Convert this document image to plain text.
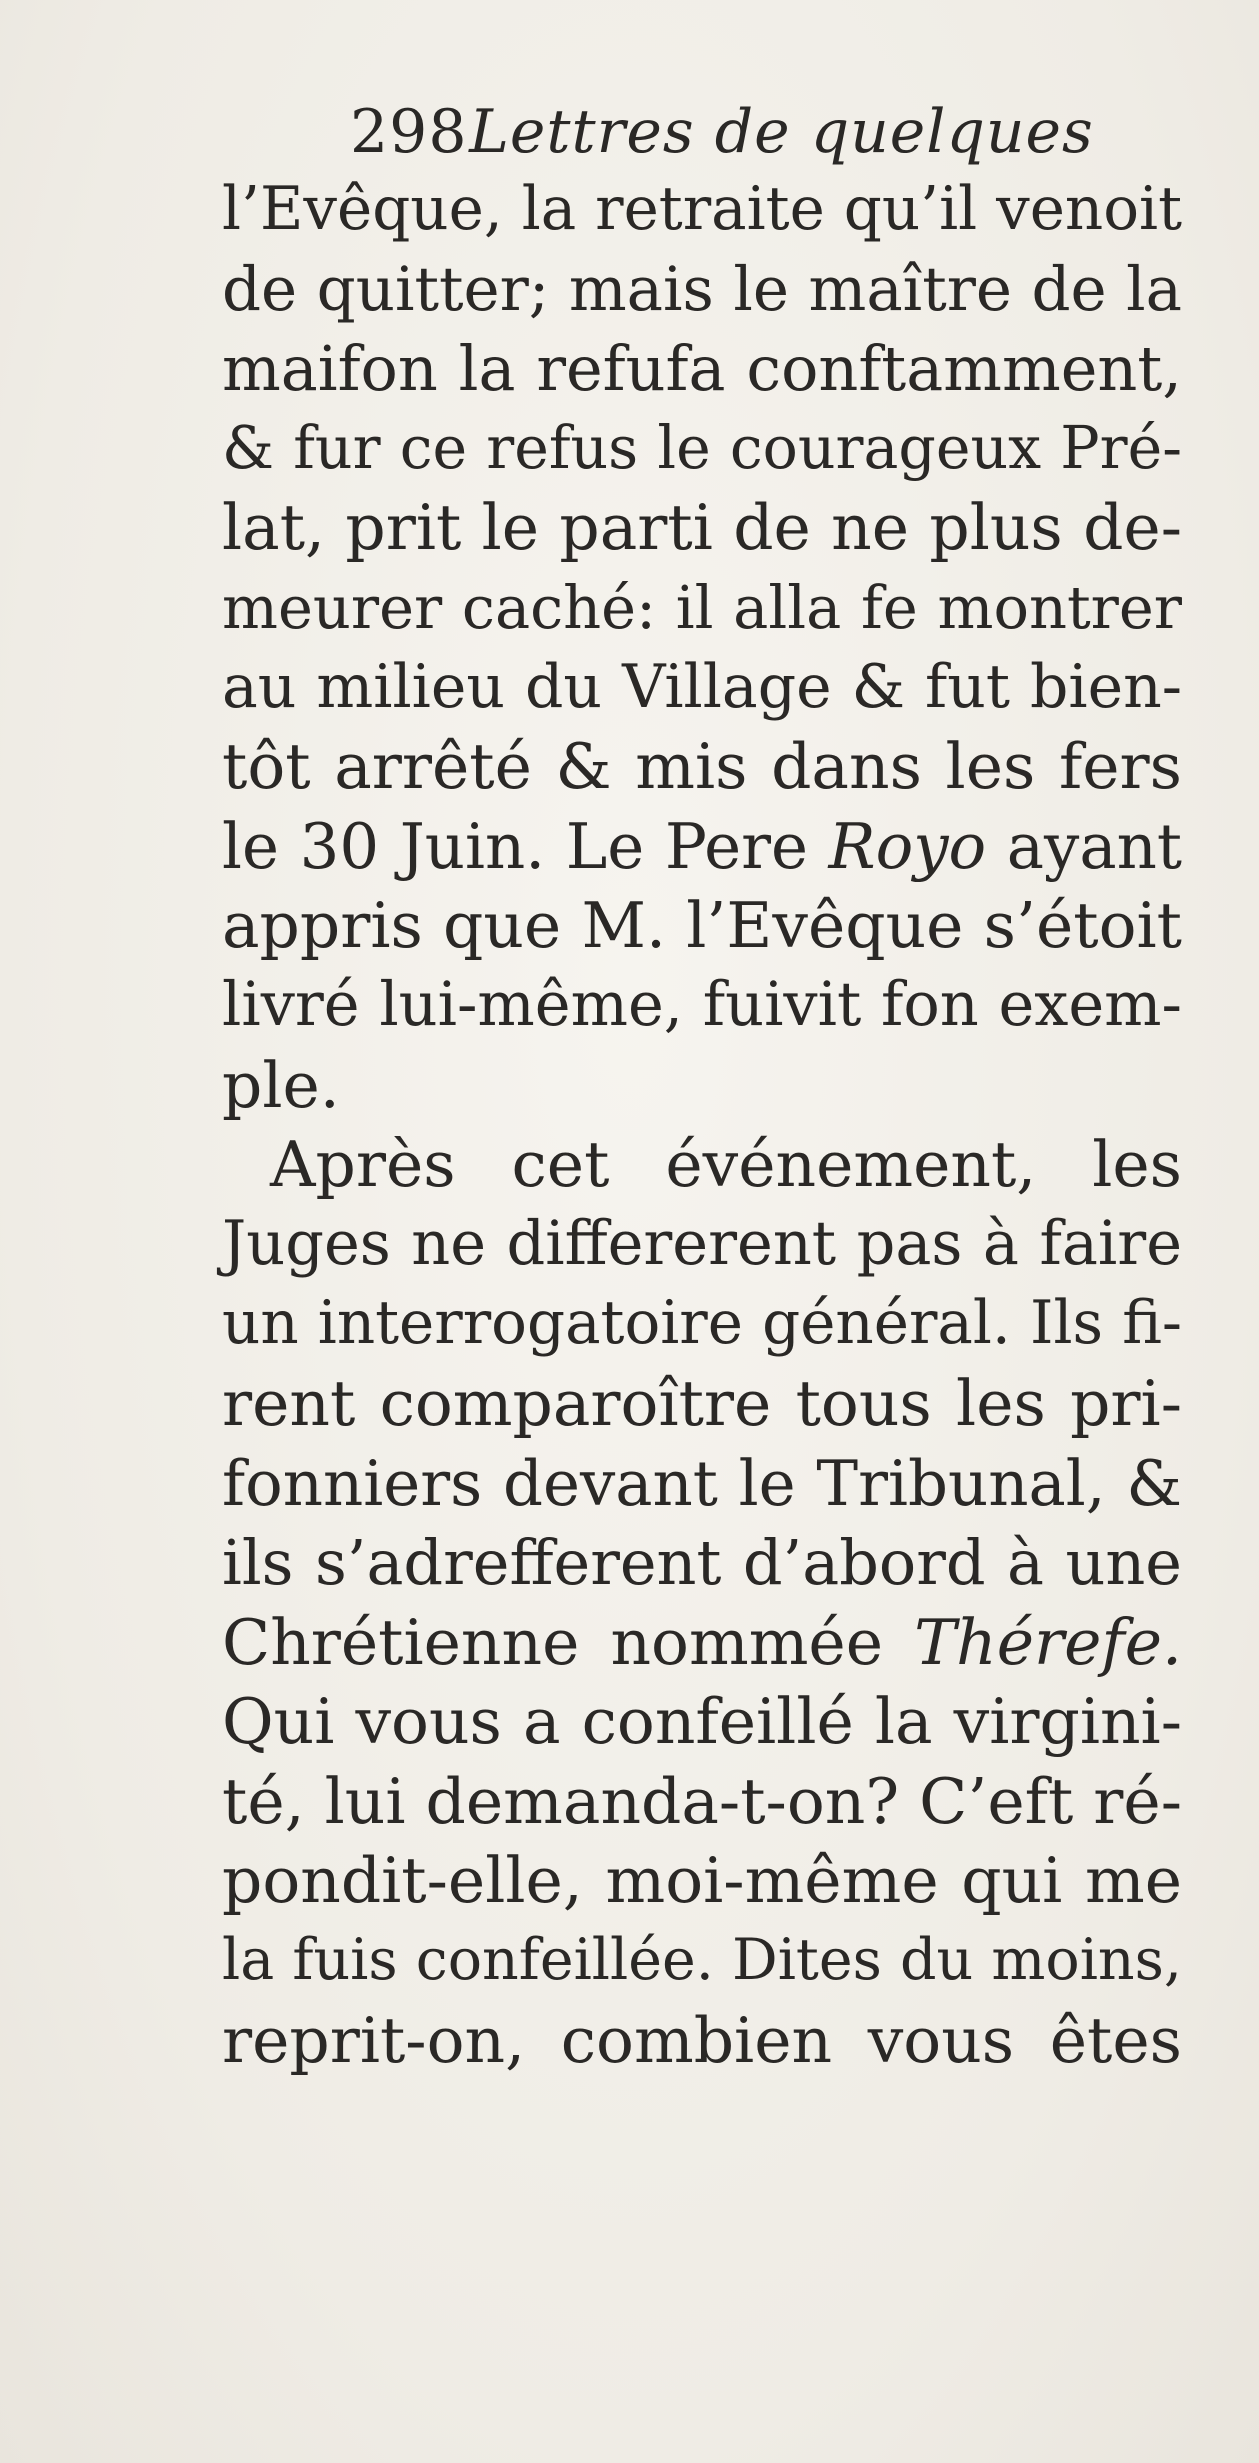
298 Lettres de quelques
l’Evêque, la retraite qu’il venoit
de quitter; mais le maître de la
maifon la refufa conftamment,
& fur ce refus le courageux Pré-
lat, prit le parti de ne plus de-
meurer caché: il alla fe montrer
au milieu du Village & fut bien-
tôt arrêté & mis dans les fers
le 30 Juin. Le Pere Royo ayant
appris que M. l’Evêque s’étoit
livré lui-même, fuivit fon exem-
ple.
Après cet événement, les
Juges ne differerent pas à faire
un interrogatoire général. Ils fi-
rent comparoître tous les pri-
fonniers devant le Tribunal, &
ils s’adrefferent d’abord à une
Chrétienne nommée Thérefe.
Qui vous a confeillé la virgini-
té, lui demanda-t-on? C’eft ré-
pondit-elle, moi-même qui me
la fuis confeillée. Dites du moins,
reprit-on, combien vous êtes
